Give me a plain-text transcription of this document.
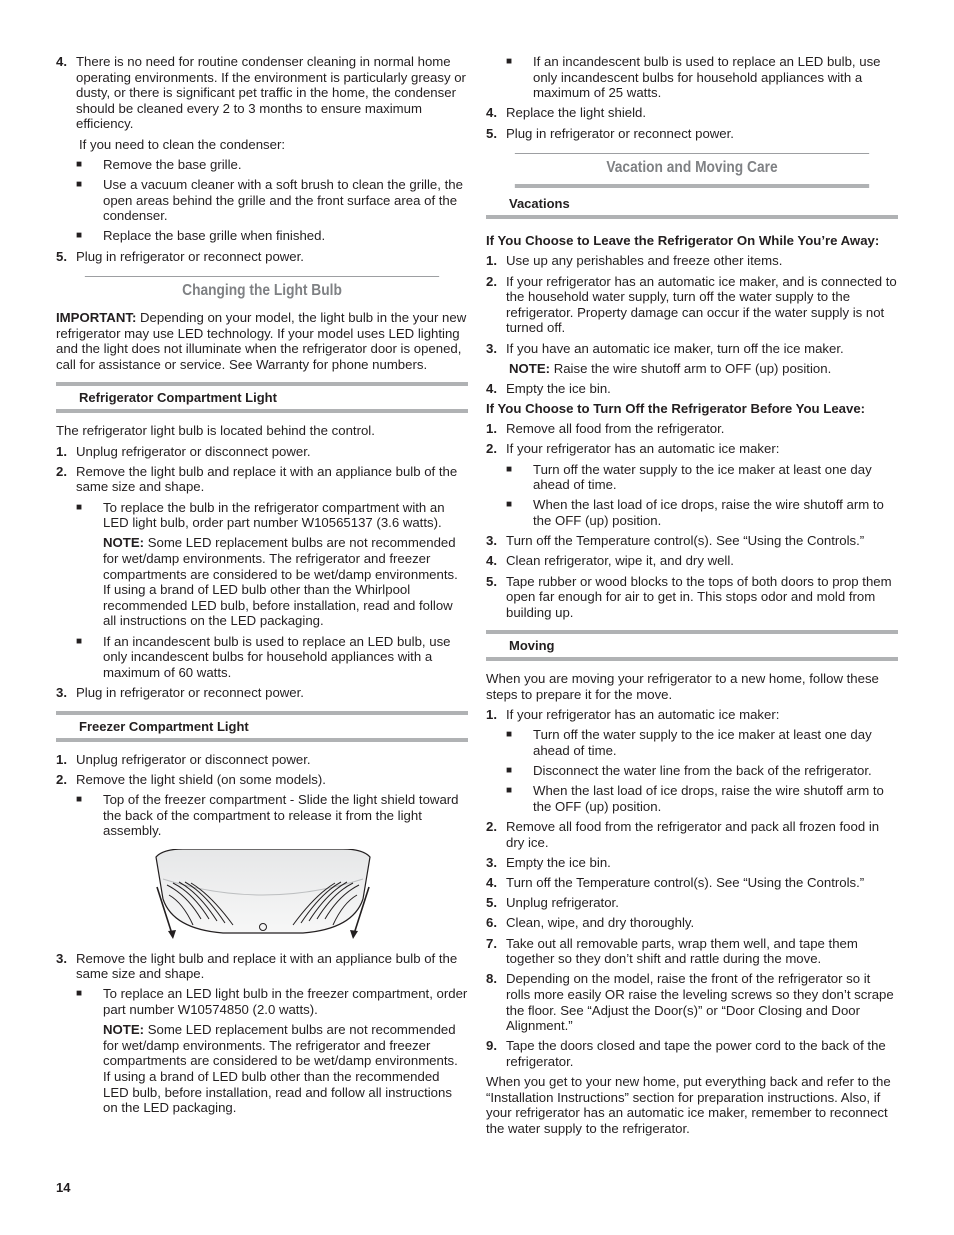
4. There is no need for routine condenser cleaning in normal home operating environments. If the environment is particularly greasy or dusty, or there is significant pet traffic in the home, the condenser should be cleaned every 2 to 3 months to ensure maximum efficiency.

If you need to clean the condenser:

■	Remove the base grille.
■	Use a vacuum cleaner with a soft brush to clean the grille, the open areas behind the grille and the front surface area of the condenser.
■	Replace the base grille when finished.
5. Plug in refrigerator or reconnect power.
Changing the Light Bulb

IMPORTANT: Depending on your model, the light bulb in the your new refrigerator may use LED technology. If your model uses LED lighting and the light does not illuminate when the refrigerator door is opened, call for assistance or service. See Warranty for phone numbers.

Refrigerator Compartment Light

The refrigerator light bulb is located behind the control.

1. Unplug refrigerator or disconnect power.
2. Remove the light bulb and replace it with an appliance bulb of the same size and shape.
■	To replace the bulb in the refrigerator compartment with an LED light bulb, order part number W10565137 (3.6 watts).

NOTE: Some LED replacement bulbs are not recommended for wet/damp environments. The refrigerator and freezer compartments are considered to be wet/damp environments. If using a brand of LED bulb other than the Whirlpool recommended LED bulb, before installation, read and follow all instructions on the LED packaging.

■	If an incandescent bulb is used to replace an LED bulb, use only incandescent bulbs for household appliances with a maximum of 60 watts.
3. Plug in refrigerator or reconnect power.
Freezer Compartment Light
1. Unplug refrigerator or disconnect power.
2. Remove the light shield (on some models).
■	Top of the freezer compartment - Slide the light shield toward the back of the compartment to release it from the light assembly.
3. Remove the light bulb and replace it with an appliance bulb of the same size and shape.
■	To replace an LED light bulb in the freezer compartment, order part number W10574850 (2.0 watts).

NOTE: Some LED replacement bulbs are not recommended for wet/damp environments. The refrigerator and freezer compartments are considered to be wet/damp environments. If using a brand of LED bulb other than the recommended LED bulb, before installation, read and follow all instructions on the LED packaging.

■	If an incandescent bulb is used to replace an LED bulb, use only incandescent bulbs for household appliances with a maximum of 25 watts.
4. Replace the light shield.
5. Plug in refrigerator or reconnect power.
Vacation and Moving Care
Vacations

If You Choose to Leave the Refrigerator On While You’re Away:

1. Use up any perishables and freeze other items.
2. If your refrigerator has an automatic ice maker, and is connected to the household water supply, turn off the water supply to the refrigerator. Property damage can occur if the water supply is not turned off.
3. If you have an automatic ice maker, turn off the ice maker.

NOTE: Raise the wire shutoff arm to OFF (up) position.

4. Empty the ice bin.

If You Choose to Turn Off the Refrigerator Before You Leave:

1. Remove all food from the refrigerator.
2. If your refrigerator has an automatic ice maker:
■	Turn off the water supply to the ice maker at least one day ahead of time.
■	When the last load of ice drops, raise the wire shutoff arm to the OFF (up) position.
3. Turn off the Temperature control(s). See “Using the Controls.”
4. Clean refrigerator, wipe it, and dry well.
5. Tape rubber or wood blocks to the tops of both doors to prop them open far enough for air to get in. This stops odor and mold from building up.
Moving

When you are moving your refrigerator to a new home, follow these steps to prepare it for the move.

1. If your refrigerator has an automatic ice maker:
■	Turn off the water supply to the ice maker at least one day ahead of time.
■	Disconnect the water line from the back of the refrigerator.
■	When the last load of ice drops, raise the wire shutoff arm to the OFF (up) position.
2. Remove all food from the refrigerator and pack all frozen food in dry ice.
3. Empty the ice bin.
4. Turn off the Temperature control(s). See “Using the Controls.”
5. Unplug refrigerator.
6. Clean, wipe, and dry thoroughly.
7. Take out all removable parts, wrap them well, and tape them together so they don’t shift and rattle during the move.
8. Depending on the model, raise the front of the refrigerator so it rolls more easily OR raise the leveling screws so they don’t scrape the floor. See “Adjust the Door(s)” or “Door Closing and Door Alignment.”
9. Tape the doors closed and tape the power cord to the back of the refrigerator.

When you get to your new home, put everything back and refer to the “Installation Instructions” section for preparation instructions. Also, if your refrigerator has an automatic ice maker, remember to reconnect the water supply to the refrigerator.

14
